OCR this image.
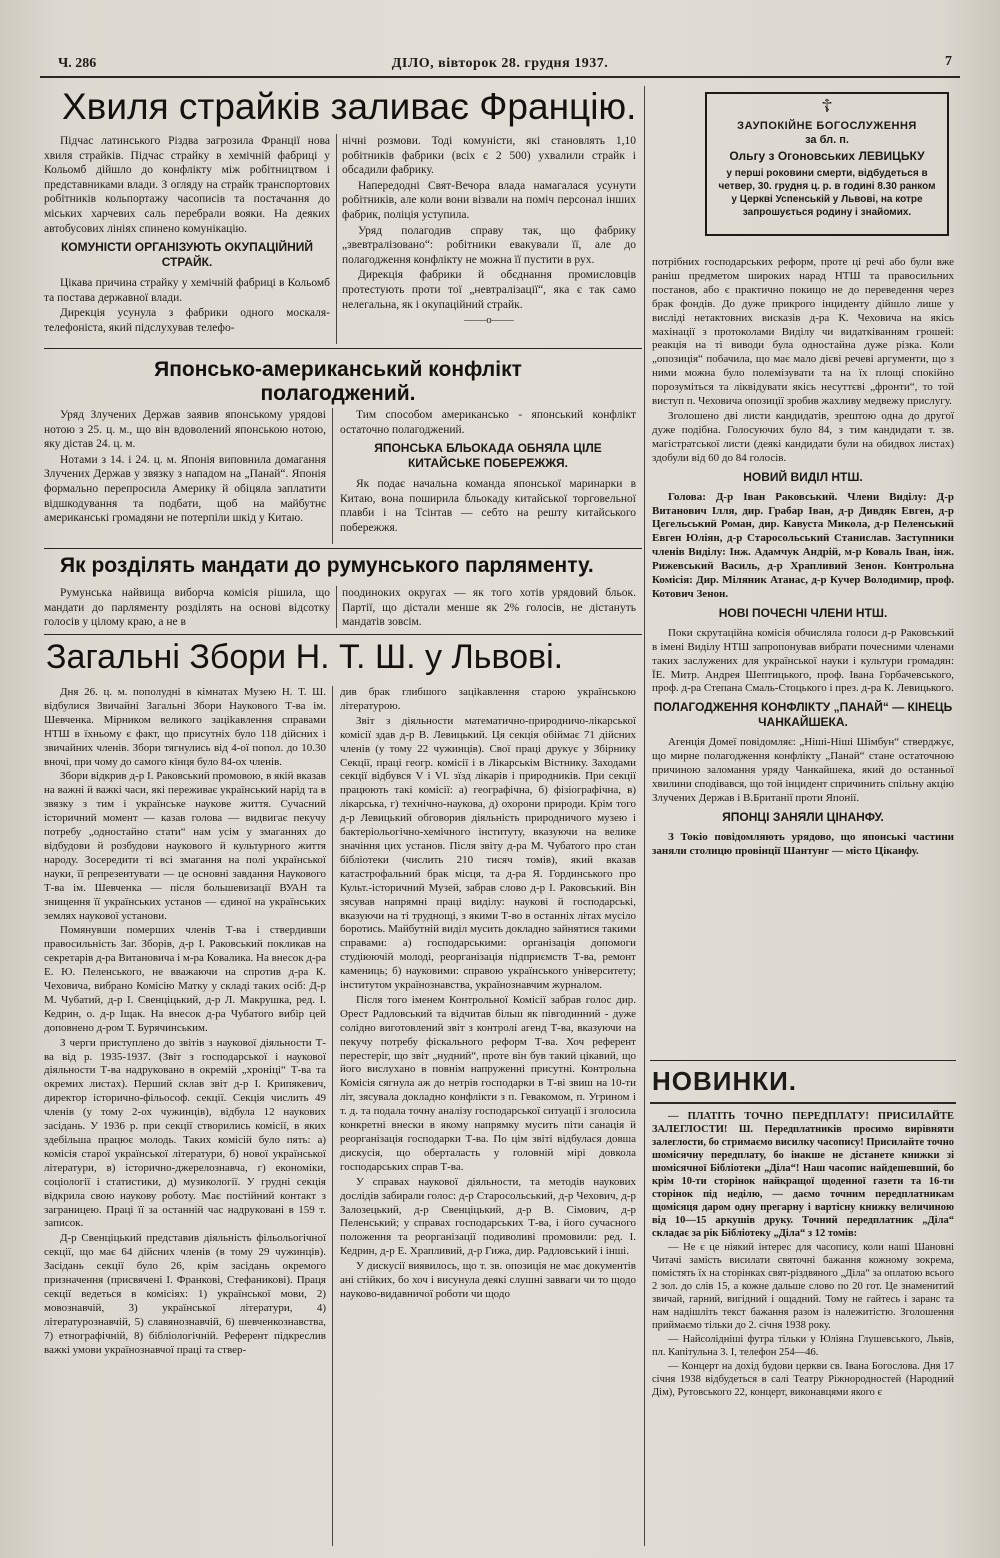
Ч. 286	ДІЛО, вівторок 28. грудня 1937.	7
Хвиля страйків заливає Францію.

Підчас латинського Різдва загрозила Франції нова хвиля страйків. Підчас страйку в хемічній фабриці у Кольомб дійшло до конфлікту між робітництвом і представниками влади. З огляду на страйк транспортових робітників кольпортажу часописів та постачання до міських харчевих саль перебрали вояки. На деяких автобусових лініях спинено комунікацію.

КОМУНІСТИ ОРГАНІЗУЮТЬ ОКУПАЦІЙНИЙ СТРАЙК.

Цікава причина страйку у хемічній фабриці в Кольомб та постава державної влади.

Дирекція усунула з фабрики одного москаля-телефоніста, який підслухував телефо-

нічні розмови. Тоді комуністи, які становлять 1,10 робітників фабрики (всіх є 2 500) ухвалили страйк і обсадили фабрику.

Напередодні Свят-Вечора влада намагалася усунути робітників, але коли вони візвали на поміч персонал інших фабрик, поліція уступила.

Уряд полагодив справу так, що фабрику „звевтралізовано“: робітники евакували її, але до полагодження конфлікту не можна її пустити в рух.

Дирекція фабрики й обєднання промисловців протестують проти тої „невтралізації“, яка є так само нелегальна, як і окупаційний страйк.

——о——
☦
ЗАУПОКІЙНЕ БОГОСЛУЖЕННЯ
за бл. п.
Ольгу з Огоновських ЛЕВИЦЬКУ
у перші роковини смерти, відбудеться в четвер, 30. грудня ц. р. в годині 8.30 ранком у Церкві Успенській у Львові, на котре запрошується родину і знайомих.
Японсько-американський конфлікт полагоджений.

Уряд Злучених Держав заявив японському урядові нотою з 25. ц. м., що він вдоволений японською нотою, яку дістав 24. ц. м.

Нотами з 14. і 24. ц. м. Японія виповнила домагання Злучених Держав у звязку з нападом на „Панай“. Японія формально перепросила Америку й обіцяла заплатити відшкодування та подбати, щоб на майбутнє американські громадяни не потерпіли шкід у Китаю.

Тим способом американсько - японський конфлікт остаточно полагоджений.

ЯПОНСЬКА БЛЬОКАДА ОБНЯЛА ЦІЛЕ КИТАЙСЬКЕ ПОБЕРЕЖЖЯ.

Як подає начальна команда японської маринарки в Китаю, вона поширила бльокаду китайської торговельної плавби і на Тсінтав — себто на решту китайського побережжя.

Як розділять мандати до румунського парляменту.

Румунська найвища виборча комісія рішила, що мандати до парляменту розділять на основі відсотку голосів у цілому краю, а не в

поодиноких округах — як того хотів урядовий бльок. Партії, що дістали менше як 2% голосів, не дістануть мандатів зовсім.

Загальні Збори Н. Т. Ш. у Львові.

Дня 26. ц. м. пополудні в кімнатах Музею Н. Т. Ш. відбулися Звичайні Загальні Збори Наукового Т-ва ім. Шевченка. Мірником великого заціkавлення справами НТШ в їхньому є факт, що присутніх було 118 дійсних і звичайних членів. Збори тягнулись від 4-ої попол. до 10.30 вночі, при чому до самого кінця було 84-ох членів.

Збори відкрив д-р І. Раковський промовою, в якій вказав на важні й важкі часи, які переживає український нарід та в звязку з тим і українське наукове життя. Сучасний історичний момент — казав голова — видвигає пекучу потребу „одностайно стати“ нам усім у змаганнях до відбудови й розбудови наукового й культурного життя народу. Зосередити ті всі змагання на полі української науки, її репрезентувати — це основні завдання Наукового Т-ва ім. Шевченка — після большевизації ВУАН та знищення її українських установ — єдиної на українських землях наукової установи.

Помянувши померших членів Т-ва і ствердивши правосильність Заг. Зборів, д-р І. Раковський покликав на секретарів д-ра Витановича і м-ра Ковалика. На внесок д-ра Е. Ю. Пеленського, не вважаючи на спротив д-ра К. Чеховича, вибрано Комісію Матку у складі таких осіб: Д-р М. Чубатий, д-р І. Свенціцький, д-р Л. Макрушка, ред. І. Кедрин, о. д-р Іщак. На внесок д-ра Чубатого вибір цей доповнено д-ром Т. Бурячинським.

З черги приступлено до звітів з наукової діяльности Т-ва від р. 1935-1937. (Звіт з господарської і наукової діяльности Т-ва надруковано в окремій „хроніці“ Т-ва та окремих листах). Перший склав звіт д-р І. Крипякевич, директор історично-фільософ. секції. Секція числить 49 членів (у тому 2-ох чужинців), відбула 12 наукових засідань. У 1936 р. при секції створились комісії, в яких здебільша працює молодь. Таких комісій було пять: а) комісія старої української літератури, б) нової української літератури, в) історично-джерелознавча, г) економіки, соціології і статистики, д) музикології. У грудні секція відкрила свою наукову роботу. Має постійний контакт з заграницею. Праці її за останній час надруковані в 159 т. записок.

Д-р Свенціцький представив діяльність фільольогічної секції, що має 64 дійсних членів (в тому 29 чужинців). Засідань секції було 26, крім засідань окремого призначення (присвячені І. Франкові, Стефаникові). Праця секції ведеться в комісіях: 1) української мови, 2) мовознавчій, 3) української літератури, 4) літературознавчій, 5) славянознавчій, 6) шевченкознавства, 7) етнографічній, 8) бібліологічній. Референт підкреслив важкі умови українознавчої праці та ствер-

див брак глибшого заціkавлення старою українською літературою.

Звіт з діяльности математично-природничо-лікарської комісії здав д-р В. Левицький. Ця секція обіймає 71 дійсних членів (у тому 22 чужинців). Свої праці друкує у Збірнику Секції, праці геогр. комісії і в Лікарськім Вістнику. Заходами секції відбувся V і VI. зїзд лікарів і природників. При секції працюють такі комісії: а) географічна, б) фізіографічна, в) лікарська, г) технічно-наукова, д) охорони природи. Крім того д-р Левицький обговорив діяльність природничого музею і бактеріольогічно-хемічного інституту, вказуючи на велике значіння цих установ. Після звіту д-ра М. Чубатого про стан бібліотеки (числить 210 тисяч томів), який вказав катастрофальний брак місця, та д-ра Я. Гординського про Культ.-історичний Музей, забрав слово д-р І. Раковський. Він зясував напрямні праці виділу: наукові й господарські, вказуючи на ті труднощі, з якими Т-во в останніх літах мусіло боротись. Майбутній виділ мусить докладно зайнятися такими справами: а) господарськими: організація допомоги студіюючій молоді, реорганізація підприємств Т-ва, ремонт камениць; б) науковими: справою українського університету; інститутом українознавства, українознавчим журналом.

Після того іменем Контрольної Комісії забрав голос дир. Орест Радловський та відчитав більш як півгодинний - дуже солідно виготовлений звіт з контролі агенд Т-ва, вказуючи на пекучу потребу фіскального реформ Т-ва. Хоч референт перестеріг, що звіт „нудний“, проте він був такий цікавий, що його вислухано в повнім напруженні присутні. Контрольна Комісія сягнула аж до нетрів господарки в Т-ві звиш на 10-ти літ, зясувала докладно конфлікти з п. Гевакомом, п. Угрином і т. д. та подала точну аналізу господарської ситуації і зголосила конкретні внески в якому напрямку мусить піти санація й реорганізація господарки Т-ва. По цім звіті відбулася довша дискусія, що оберталасть у головній мірі довкола господарських справ Т-ва.

У справах наукової діяльности, та методів наукових дослідів забирали голос: д-р Старосольський, д-р Чехович, д-р Залозецький, д-р Свенціцький, д-р В. Сімович, д-р Пеленський; у справах господарських Т-ва, і його сучасного положення та реорганізації подиволиві промовили: ред. І. Кедрин, д-р Е. Храпливий, д-р Гижа, дир. Радловський і інші.

У дискусії виявилось, що т. зв. опозиція не має документів ані стійких, бо хоч і висунула деякі слушні завваги чи то щодо науково-видавничої роботи чи щодо

потрібних господарських реформ, проте ці речі або були вже раніш предметом широких нарад НТШ та правосильних постанов, або є практично покищо не до переведення через брак фондів. До дуже прикрого інциденту дійшло лише у висліді нетактовних висказів д-ра К. Чеховича на якісь махінації з протоколами Виділу чи видатківанням грошей: реакція на ті виводи була одностайна дуже різка. Коли „опозиція“ побачила, що має мало дієві речеві аргументи, що з ними можна було полемізувати та на їх площі спокійно порозуміться та ліквідувати якісь несуттєві „фронти“, то той виступ п. Чеховича опозиції зробив жахливу медвежу прислугу.

Зголошено дві листи кандидатів, зрештою одна до другої дуже подібна. Голосуючих було 84, з тим кандидати т. зв. магістратської листи (деякі кандидати були на обидвох листах) здобули від 60 до 84 голосів.

НОВИЙ ВИДІЛ НТШ.

Голова: Д-р Іван Раковський. Члени Виділу: Д-р Витанович Ілля, дир. Грабар Іван, д-р Дивдяк Евген, д-р Цегельський Роман, дир. Кавуста Микола, д-р Пеленський Евген Юліян, д-р Старосольський Станислав. Заступники членів Виділу: Інж. Адамчук Андрій, м-р Коваль Іван, інж. Рижевський Василь, д-р Храпливий Зенон. Контрольна Комісія: Дир. Міляник Атанас, д-р Кучер Володимир, проф. Котович Зенон.

НОВІ ПОЧЕСНІ ЧЛЕНИ НТШ.

Поки скрутаційна комісія обчисляла голоси д-р Раковський в імені Виділу НТШ запропонував вибрати почесними членами таких заслужених для української науки і культури громадян: ЇЕ. Митр. Андрея Шептицького, проф. Івана Горбачевського, проф. д-ра Степана Смаль-Стоцького і през. д-ра К. Левицького.

ПОЛАГОДЖЕННЯ КОНФЛІКТУ „ПАНАЙ“ — КІНЕЦЬ ЧАНКАЙШЕКА.

Агенція Домеї повідомляє: „Ніші-Ніші Шімбун“ стверджує, що мирне полагодження конфлікту „Панай“ стане остаточною причиною заломання уряду Чанкайшека, який до останньої хвилини сподівався, що той інцидент спричинить спільну акцію Злучених Держав і В.Британії проти Японії.

ЯПОНЦІ ЗАНЯЛИ ЦІНАНФУ.

З Токіо повідомляють урядово, що японські частини заняли столицю провінції Шантунг — місто Ціканфу.

НОВИНКИ.

— ПЛАТІТЬ ТОЧНО ПЕРЕДПЛАТУ! ПРИСИЛАЙТЕ ЗАЛЕГЛОСТИ! Ш. Передплатників просимо вирівняти залеглости, бо стримаємо висилку часопису! Присилайте точно шомісячну передплату, бо інакше не дістанете книжки зі шомісячної Бібліотеки „Діла“! Наш часопис найдешевший, бо крім 10-ти сторінок найкращої щоденної газети та 16-ти сторінок під неділю, — даємо точним передплатникам щомісяця даром одну прегарну і вартісну книжку величиною від 10—15 аркушів друку. Точний передплатник „Діла“ складає за рік Бібліотеку „Діла“ з 12 томів:

— Не є це ніякий інтерес для часопису, коли наші Шановні Читачі замість висилати святочні бажання кожному зокрема, помістять їх на сторінках свят-різдвяного „Діла“ за оплатою всього 2 зол. до слів 15, а кожне дальше слово по 20 гот. Це знаменитий звичай, гарний, вигідний і ощадний. Тому не гайтесь і заранс та нам надішліть текст бажання разом із належитістю. Зголошення приймаємо тільки до 2. січня 1938 року.

— Найсолідніші футра тільки у Юліяна Глушевського, Львів, пл. Капітульна 3. І, телефон 254—46.

— Концерт на дохід будови церкви св. Івана Богослова. Дня 17 січня 1938 відбудеться в салі Театру Ріжнородностей (Народний Дім), Рутовського 22, концерт, виконавцями якого є
